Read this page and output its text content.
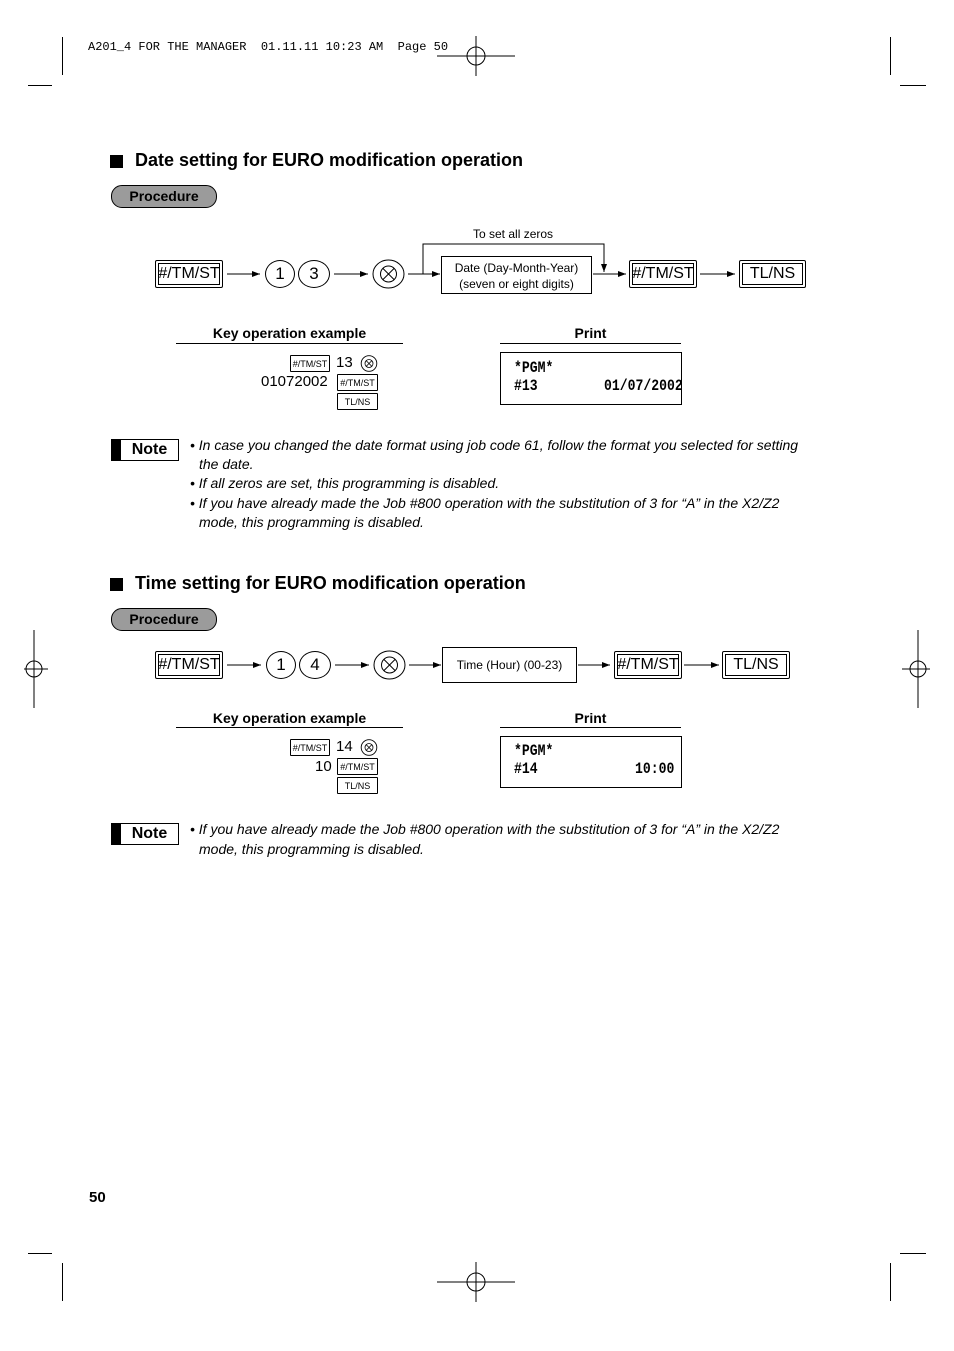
A201_4 FOR THE MANAGER  01.11.11 10:23 AM  Page 50
Date setting for EURO modification operation
Procedure
To set all zeros
#/TM/ST	1	3	Date (Day-Month-Year)
(seven or eight digits)
#/TM/ST	TL/NS
Key operation example
#/TM/ST 13
01072002	#/TM/ST
TL/NS
Print
*PGM*
#13	01/07/2002
Note	• In case you changed the date format using job code 61, follow the format you selected for setting
the date.
• If all zeros are set, this programming is disabled.
• If you have already made the Job #800 operation with the substitution of 3 for “A” in the X2/Z2
mode, this programming is disabled.
Time setting for EURO modification operation
Procedure
#/TM/ST	1	4	Time (Hour) (00-23)	#/TM/ST	TL/NS
Key operation example
#/TM/ST 14
10 #/TM/ST
TL/NS
Print
*PGM*
#14	10:00
Note	• If you have already made the Job #800 operation with the substitution of 3 for “A” in the X2/Z2
mode, this programming is disabled.
50
